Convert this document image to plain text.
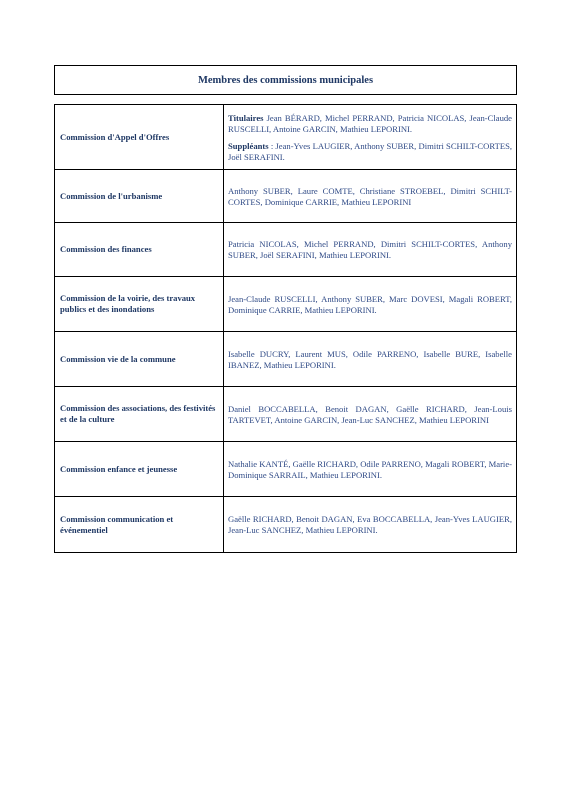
Membres des commissions municipales
Commission d'Appel d'Offres	Titulaires Jean BÉRARD, Michel PERRAND, Patricia NICOLAS, Jean-Claude RUSCELLI, Antoine GARCIN, Mathieu LEPORINI.
Suppléants : Jean-Yves LAUGIER, Anthony SUBER, Dimitri SCHILT-CORTES, Joël SERAFINI.

Commission de l'urbanisme	Anthony SUBER, Laure COMTE, Christiane STROEBEL, Dimitri SCHILT-CORTES, Dominique CARRIE, Mathieu LEPORINI

Commission des finances	Patricia NICOLAS, Michel PERRAND, Dimitri SCHILT-CORTES, Anthony SUBER, Joël SERAFINI, Mathieu LEPORINI.

Commission de la voirie, des travaux publics et des inondations	Jean-Claude RUSCELLI, Anthony SUBER, Marc DOVESI, Magali ROBERT, Dominique CARRIE, Mathieu LEPORINI.

Commission vie de la commune	Isabelle DUCRY, Laurent MUS, Odile PARRENO, Isabelle BURE, Isabelle IBANEZ, Mathieu LEPORINI.

Commission des associations, des festivités et de la culture	Daniel BOCCABELLA, Benoit DAGAN, Gaëlle RICHARD, Jean-Louis TARTEVET, Antoine GARCIN, Jean-Luc SANCHEZ, Mathieu LEPORINI

Commission enfance et jeunesse	Nathalie KANTÉ, Gaëlle RICHARD, Odile PARRENO, Magali ROBERT, Marie-Dominique SARRAIL, Mathieu LEPORINI.

Commission communication et événementiel	Gaëlle RICHARD, Benoit DAGAN, Eva BOCCABELLA, Jean-Yves LAUGIER, Jean-Luc SANCHEZ, Mathieu LEPORINI.
